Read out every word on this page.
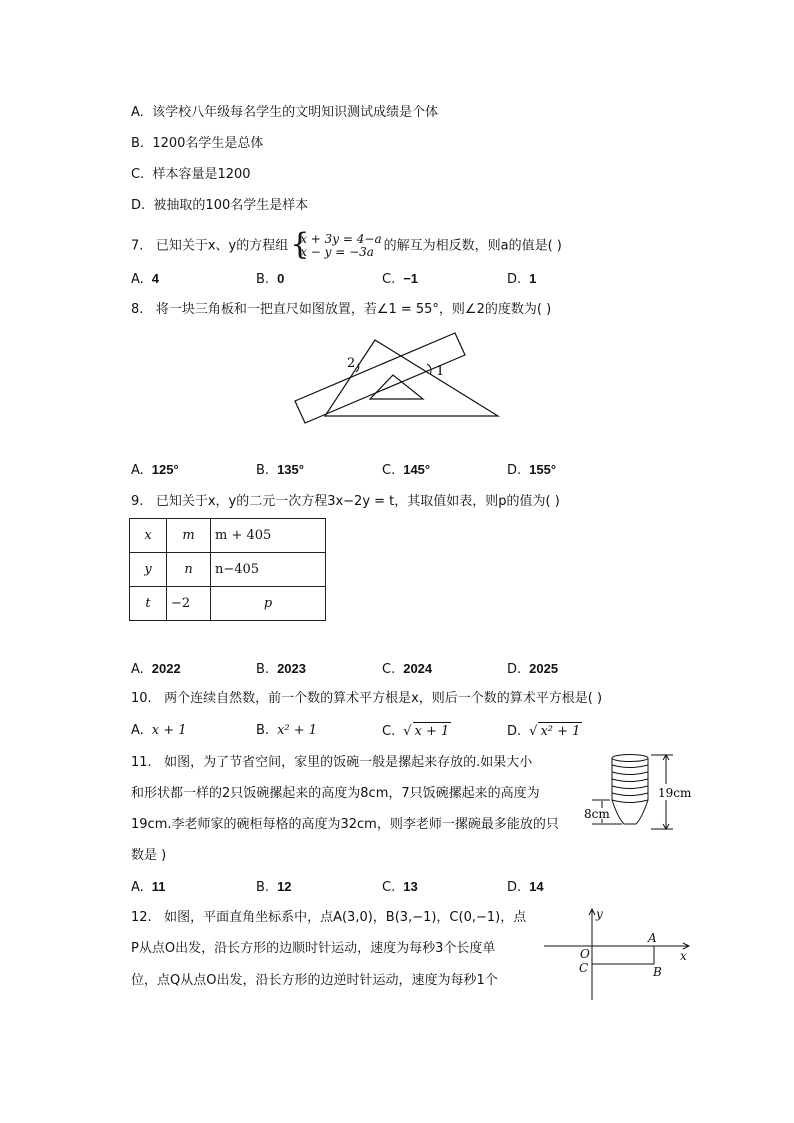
A. 该学校八年级每名学生的文明知识测试成绩是个体
B. 1200名学生是总体
C. 样本容量是1200
D. 被抽取的100名学生是样本
7. 已知关于x、y的方程组 {
x + 3y = 4−a
x − y = −3a 的解互为相反数，则a的值是( )
A. 4	B. 0	C. −1	D. 1
8. 将一块三角板和一把直尺如图放置，若∠1 = 55°，则∠2的度数为( )
2
1
A. 125°	B. 135°	C. 145°	D. 155°
9. 已知关于x，y的二元一次方程3x−2y = t，其取值如表，则p的值为( )
x	m	m + 405
y	n	n−405
t	−2	p
A. 2022	B. 2023	C. 2024	D. 2025
10. 两个连续自然数，前一个数的算术平方根是x，则后一个数的算术平方根是( )
A. x + 1	B. x² + 1	C. √ x + 1	D. √ x² + 1
11. 如图，为了节省空间，家里的饭碗一般是摞起来存放的.如果大小
和形状都一样的2只饭碗摞起来的高度为8cm，7只饭碗摞起来的高度为
19cm.李老师家的碗柜每格的高度为32cm，则李老师一摞碗最多能放的只
数是 )
19cm
8cm
A. 11	B. 12	C. 13	D. 14
12. 如图，平面直角坐标系中，点A(3,0)，B(3,−1)，C(0,−1)，点
P从点O出发，沿长方形的边顺时针运动，速度为每秒3个长度单
位，点Q从点O出发，沿长方形的边逆时针运动，速度为每秒1个
y
x
O
A
C	B
